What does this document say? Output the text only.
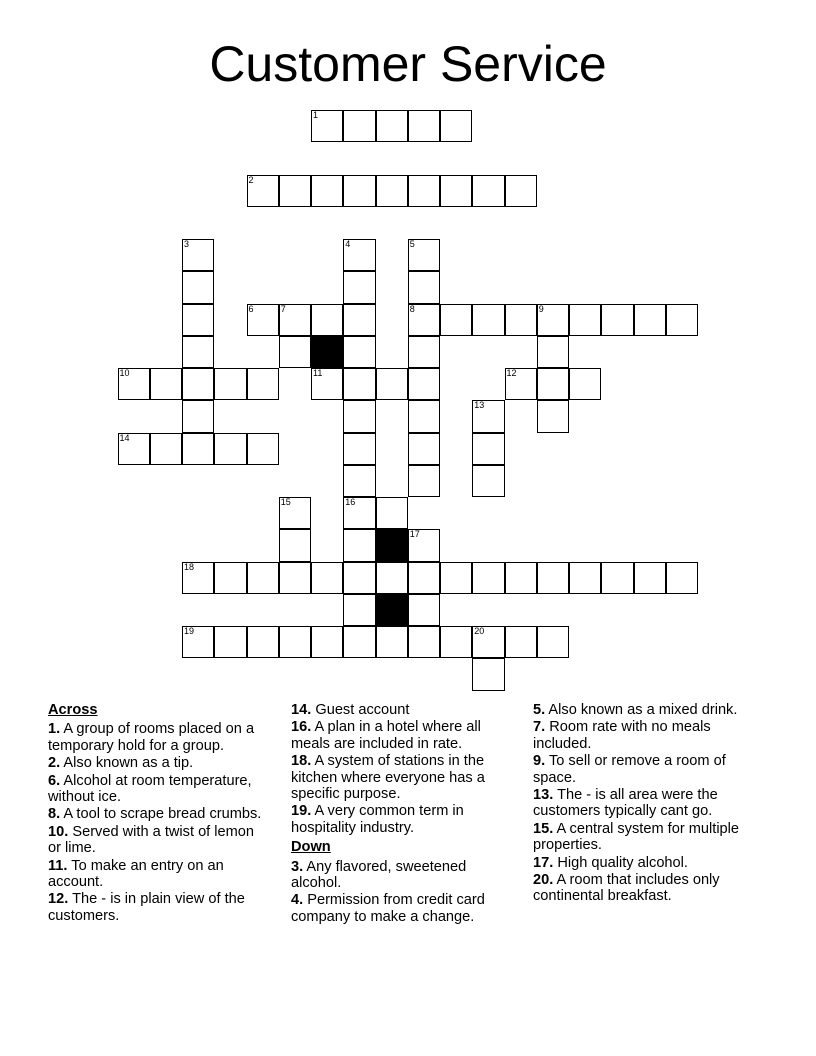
Customer Service
1
2
3	4	5
6	7	8	9
10	11	12
13
14
15	16
17
18
19	20
Across
1. A group of rooms placed on a temporary hold for a group.
2. Also known as a tip.
6. Alcohol at room temperature, without ice.
8. A tool to scrape bread crumbs.
10. Served with a twist of lemon or lime.
11. To make an entry on an account.
12. The - is in plain view of the customers.
14. Guest account
16. A plan in a hotel where all meals are included in rate.
18. A system of stations in the kitchen where everyone has a specific purpose.
19. A very common term in hospitality industry.
Down
3. Any flavored, sweetened alcohol.
4. Permission from credit card company to make a change.
5. Also known as a mixed drink.
7. Room rate with no meals included.
9. To sell or remove a room of space.
13. The - is all area were the customers typically cant go.
15. A central system for multiple properties.
17. High quality alcohol.
20. A room that includes only continental breakfast.
